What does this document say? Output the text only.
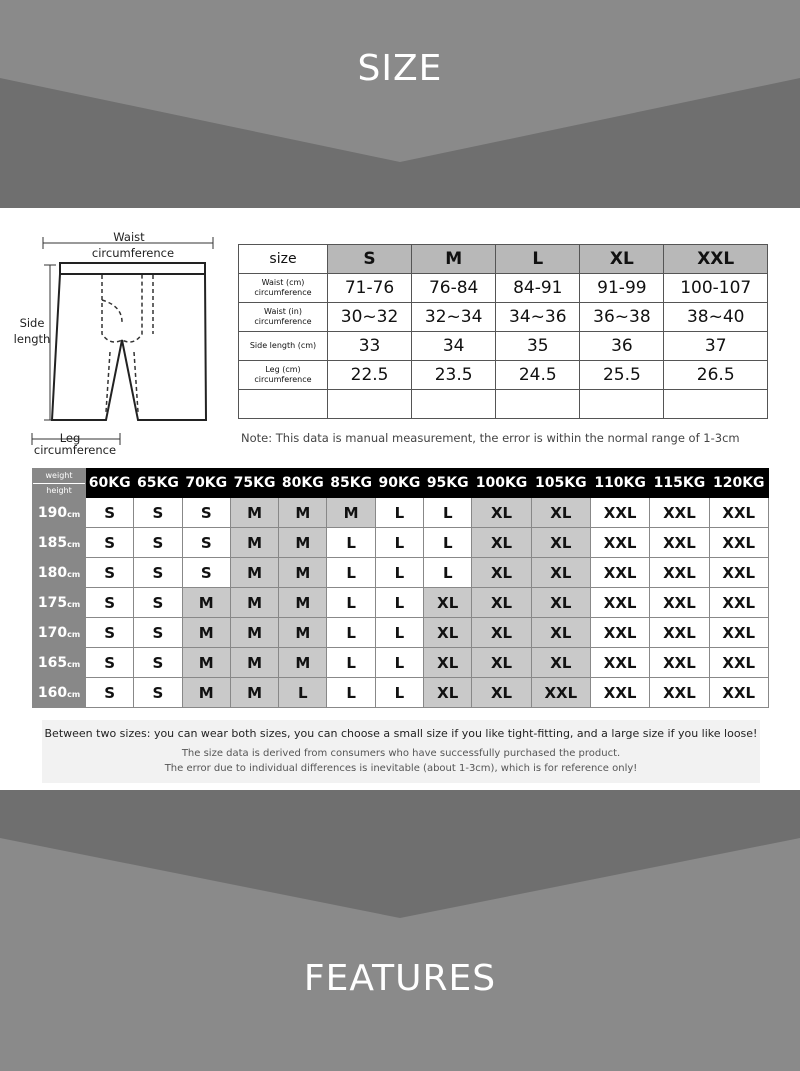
SIZE
Waist
circumference
Side
length
Leg
circumference
size	S	M	L	XL	XXL

Waist (cm)
circumference	71-76	76-84	84-91	91-99	100-107

Waist (in)
circumference	30~32	32~34	34~36	36~38	38~40

Side length (cm)	33	34	35	36	37

Leg (cm)
circumference	22.5	23.5	24.5	25.5	26.5

Note: This data is manual measurement, the error is within the normal range of 1-3cm
weight
height	60KG	65KG	70KG	75KG	80KG	85KG	90KG	95KG	100KG	105KG	110KG	115KG	120KG
190cm	S	S	S	M	M	M	L	L	XL	XL	XXL	XXL	XXL
185cm	S	S	S	M	M	L	L	L	XL	XL	XXL	XXL	XXL
180cm	S	S	S	M	M	L	L	L	XL	XL	XXL	XXL	XXL
175cm	S	S	M	M	M	L	L	XL	XL	XL	XXL	XXL	XXL
170cm	S	S	M	M	M	L	L	XL	XL	XL	XXL	XXL	XXL
165cm	S	S	M	M	M	L	L	XL	XL	XL	XXL	XXL	XXL
160cm	S	S	M	M	L	L	L	XL	XL	XXL	XXL	XXL	XXL
Between two sizes: you can wear both sizes, you can choose a small size if you like tight-fitting, and a large size if you like loose!
The size data is derived from consumers who have successfully purchased the product.
The error due to individual differences is inevitable (about 1-3cm), which is for reference only!
FEATURES
